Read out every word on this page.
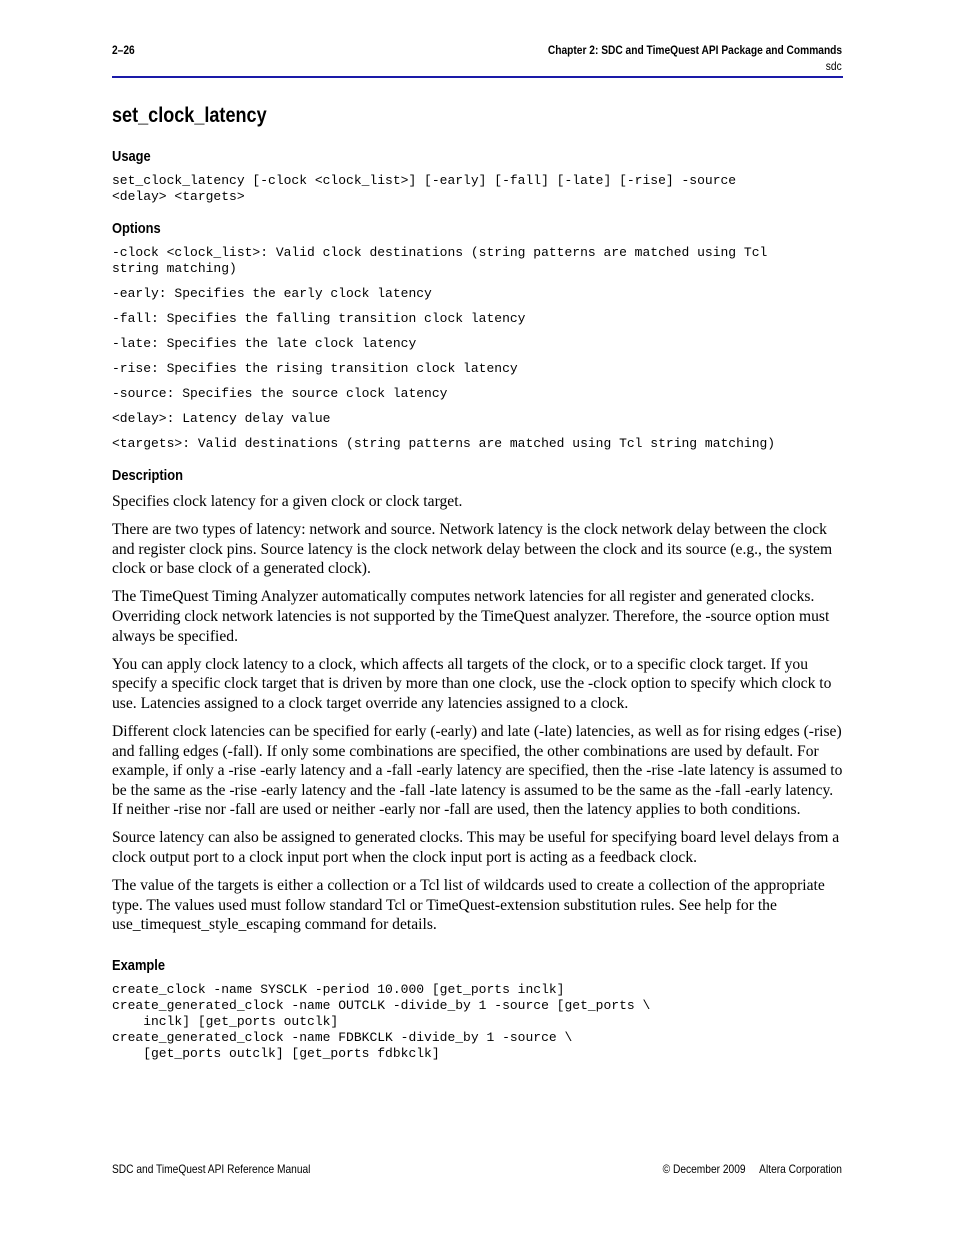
2–26	Chapter 2: SDC and TimeQuest API Package and Commands
sdc
set_clock_latency
Usage
set_clock_latency [-clock <clock_list>] [-early] [-fall] [-late] [-rise] -source
<delay> <targets>
Options
-clock <clock_list>: Valid clock destinations (string patterns are matched using Tcl
string matching)
-early: Specifies the early clock latency
-fall: Specifies the falling transition clock latency
-late: Specifies the late clock latency
-rise: Specifies the rising transition clock latency
-source: Specifies the source clock latency
<delay>: Latency delay value
<targets>: Valid destinations (string patterns are matched using Tcl string matching)
Description

Specifies clock latency for a given clock or clock target.

There are two types of latency: network and source. Network latency is the clock network delay between the clock and register clock pins. Source latency is the clock network delay between the clock and its source (e.g., the system clock or base clock of a generated clock).

The TimeQuest Timing Analyzer automatically computes network latencies for all register and generated clocks. Overriding clock network latencies is not supported by the TimeQuest analyzer. Therefore, the -source option must always be specified.

You can apply clock latency to a clock, which affects all targets of the clock, or to a specific clock target. If you specify a specific clock target that is driven by more than one clock, use the -clock option to specify which clock to use. Latencies assigned to a clock target override any latencies assigned to a clock.

Different clock latencies can be specified for early (-early) and late (-late) latencies, as well as for rising edges (-rise) and falling edges (-fall). If only some combinations are specified, the other combinations are used by default. For example, if only a -rise -early latency and a -fall -early latency are specified, then the -rise -late latency is assumed to be the same as the -rise -early latency and the -fall -late latency is assumed to be the same as the -fall -early latency. If neither -rise nor -fall are used or neither -early nor -fall are used, then the latency applies to both conditions.

Source latency can also be assigned to generated clocks. This may be useful for specifying board level delays from a clock output port to a clock input port when the clock input port is acting as a feedback clock.

The value of the targets is either a collection or a Tcl list of wildcards used to create a collection of the appropriate type. The values used must follow standard Tcl or TimeQuest-extension substitution rules. See help for the use_timequest_style_escaping command for details.

Example
create_clock -name SYSCLK -period 10.000 [get_ports inclk]
create_generated_clock -name OUTCLK -divide_by 1 -source [get_ports \
inclk] [get_ports outclk]
create_generated_clock -name FDBKCLK -divide_by 1 -source \
[get_ports outclk] [get_ports fdbkclk]
SDC and TimeQuest API Reference Manual	© December 2009 Altera Corporation
